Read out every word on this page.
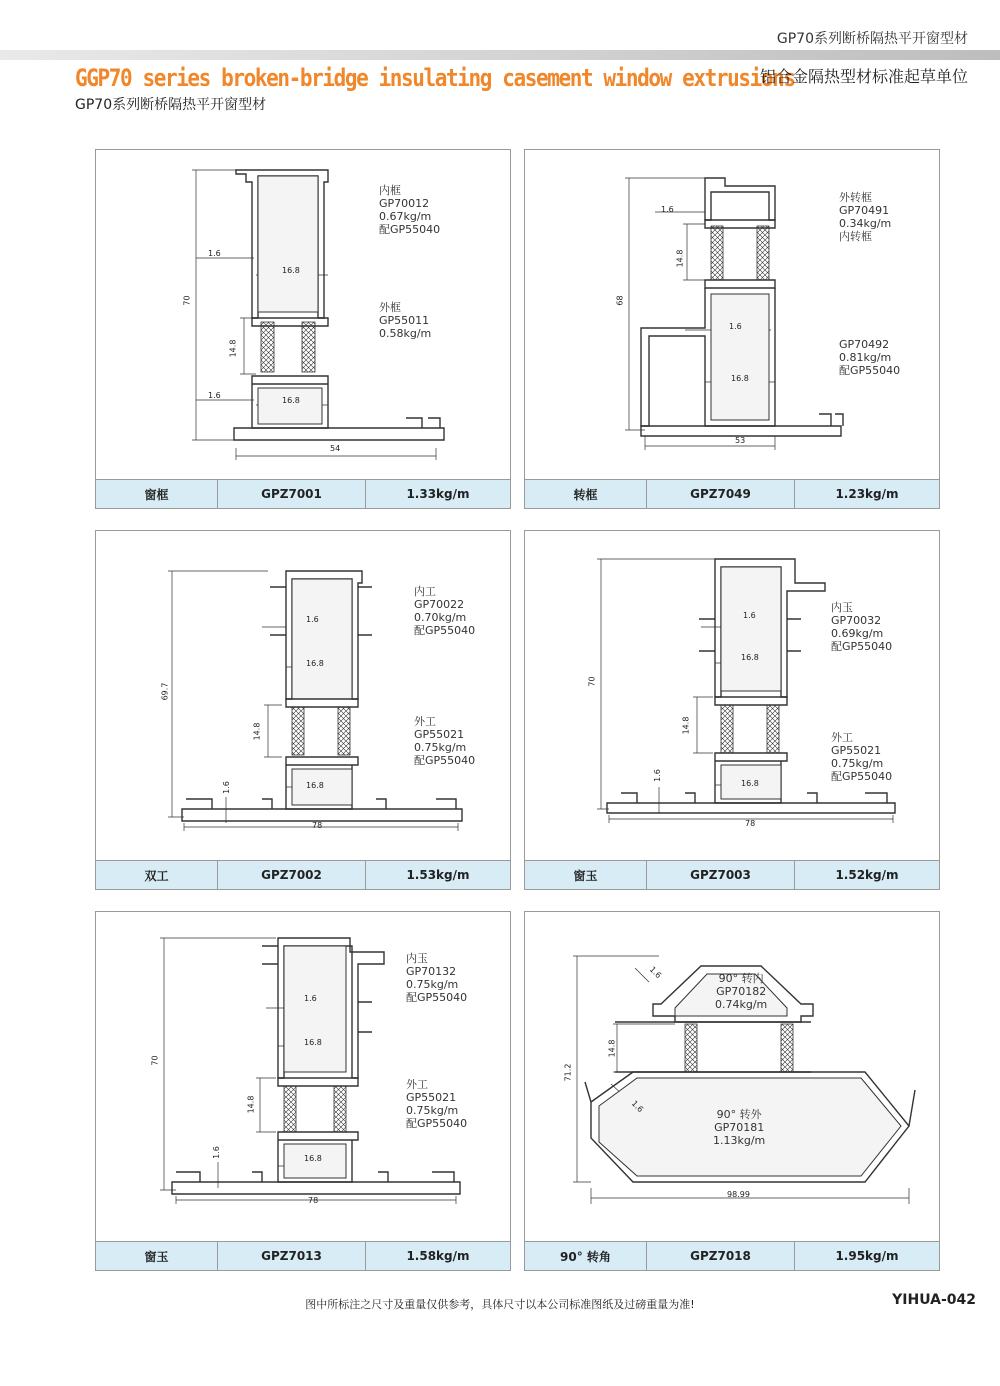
GP70系列断桥隔热平开窗型材
GGP70 series broken-bridge insulating casement window extrusions
GP70系列断桥隔热平开窗型材
铝合金隔热型材标准起草单位
70
54
14.8
1.6
1.6
16.8
16.8
内框
GP70012
0.67kg/m
配GP55040
外框
GP55011
0.58kg/m
窗框	GPZ7001	1.33kg/m
68
53
14.8
1.6
1.6
16.8
外转框
GP70491
0.34kg/m
内转框
GP70492
0.81kg/m
配GP55040
转框	GPZ7049	1.23kg/m
69.7
78
14.8
1.6
1.6
16.8
16.8
内工
GP70022
0.70kg/m
配GP55040
外工
GP55021
0.75kg/m
配GP55040
双工	GPZ7002	1.53kg/m
70
78
14.8
1.6
1.6
16.8
16.8
内玉
GP70032
0.69kg/m
配GP55040
外工
GP55021
0.75kg/m
配GP55040
窗玉	GPZ7003	1.52kg/m
70
78
14.8
1.6
1.6
16.8
16.8
内玉
GP70132
0.75kg/m
配GP55040
外工
GP55021
0.75kg/m
配GP55040
窗玉	GPZ7013	1.58kg/m
71.2
98.99
14.8
1.6
1.6
90° 转内
GP70182
0.74kg/m
90° 转外
GP70181
1.13kg/m
90° 转角	GPZ7018	1.95kg/m
图中所标注之尺寸及重量仅供参考，具体尺寸以本公司标准图纸及过磅重量为准!	YIHUA-042
